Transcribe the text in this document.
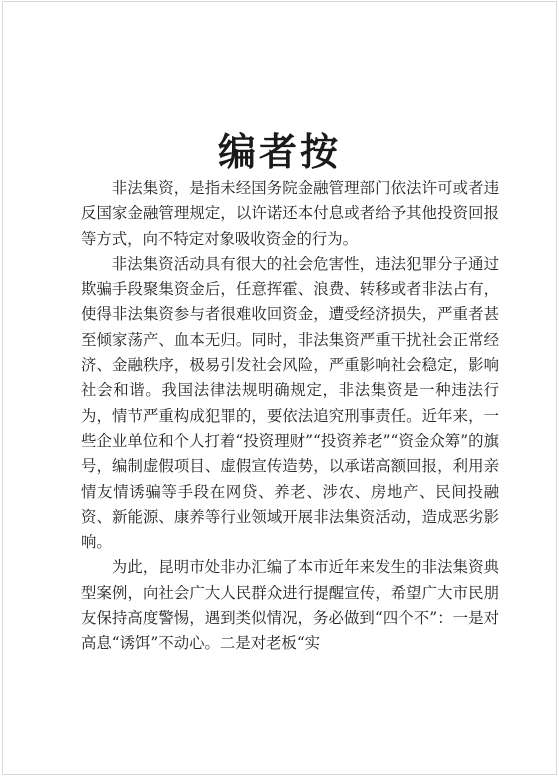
编者按

非法集资，是指未经国务院金融管理部门依法许可或者违反国家金融管理规定，以许诺还本付息或者给予其他投资回报等方式，向不特定对象吸收资金的行为。

非法集资活动具有很大的社会危害性，违法犯罪分子通过欺骗手段聚集资金后，任意挥霍、浪费、转移或者非法占有，使得非法集资参与者很难收回资金，遭受经济损失，严重者甚至倾家荡产、血本无归。同时，非法集资严重干扰社会正常经济、金融秩序，极易引发社会风险，严重影响社会稳定，影响社会和谐。我国法律法规明确规定，非法集资是一种违法行为，情节严重构成犯罪的，要依法追究刑事责任。近年来，一些企业单位和个人打着“投资理财”“投资养老”“资金众筹”的旗号，编制虚假项目、虚假宣传造势，以承诺高额回报，利用亲情友情诱骗等手段在网贷、养老、涉农、房地产、民间投融资、新能源、康养等行业领域开展非法集资活动，造成恶劣影响。

为此，昆明市处非办汇编了本市近年来发生的非法集资典型案例，向社会广大人民群众进行提醒宣传，希望广大市民朋友保持高度警惕，遇到类似情况，务必做到“四个不”：一是对高息“诱饵”不动心。二是对老板“实
